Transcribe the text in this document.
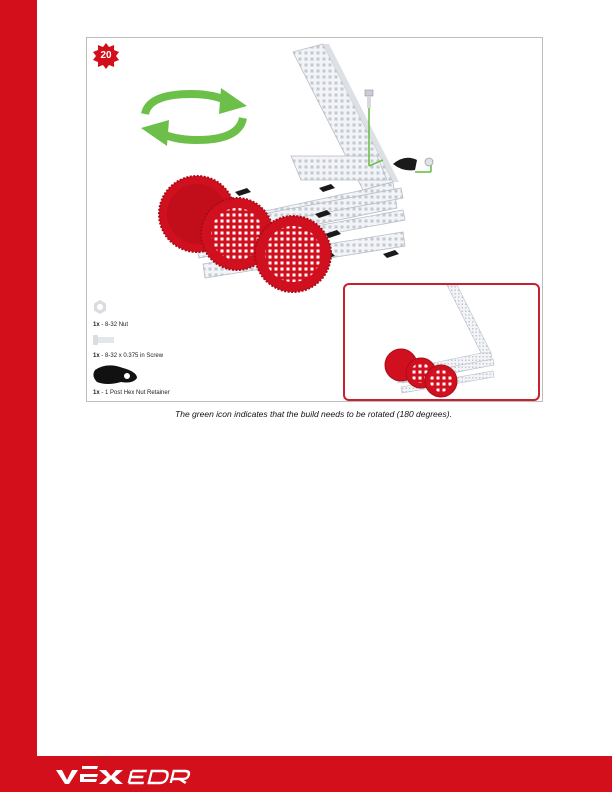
20
1x - 8-32 Nut
1x - 8-32 x 0.375 in Screw
1x - 1 Post Hex Nut Retainer
The green icon indicates that the build needs to be rotated (180 degrees).
